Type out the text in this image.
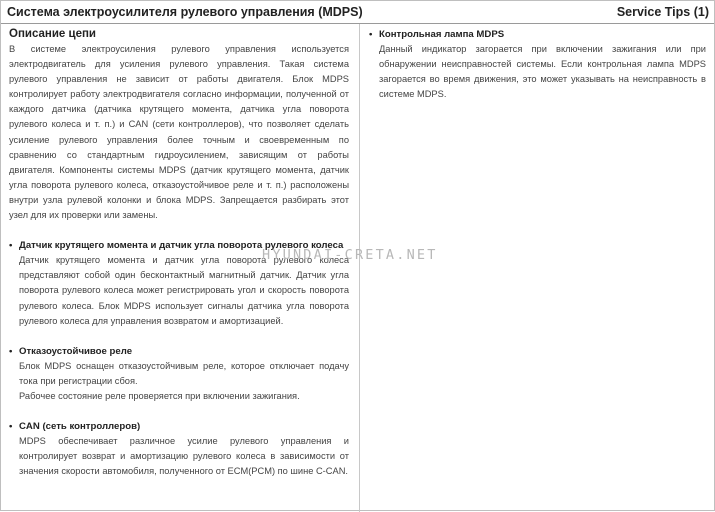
Система электроусилителя рулевого управления (MDPS)	Service Tips (1)

Описание цепи

В системе электроусиления рулевого управления используется электродвигатель для усиления рулевого управления. Такая система рулевого управления не зависит от работы двигателя. Блок MDPS контролирует работу электродвигателя согласно информации, полученной от каждого датчика (датчика крутящего момента, датчика угла поворота рулевого колеса и т. п.) и CAN (сети контроллеров), что позволяет сделать усиление рулевого управления более точным и своевременным по сравнению со стандартным гидроусилением, зависящим от работы двигателя. Компоненты системы MDPS (датчик крутящего момента, датчик угла поворота рулевого колеса, отказоустойчивое реле и т. п.) расположены внутри узла рулевой колонки и блока MDPS. Запрещается разбирать этот узел для их проверки или замены.

• Датчик крутящего момента и датчик угла поворота рулевого колеса

Датчик крутящего момента и датчик угла поворота рулевого колеса представляют собой один бесконтактный магнитный датчик. Датчик угла поворота рулевого колеса может регистрировать угол и скорость поворота рулевого колеса. Блок MDPS использует сигналы датчика угла поворота рулевого колеса для управления возвратом и амортизацией.

• Отказоустойчивое реле

Блок MDPS оснащен отказоустойчивым реле, которое отключает подачу тока при регистрации сбоя.

Рабочее состояние реле проверяется при включении зажигания.

• CAN (сеть контроллеров)

MDPS обеспечивает различное усилие рулевого управления и контролирует возврат и амортизацию рулевого колеса в зависимости от значения скорости автомобиля, полученного от ECM(PCM) по шине C-CAN.

• Контрольная лампа MDPS

Данный индикатор загорается при включении зажигания или при обнаружении неисправностей системы. Если контрольная лампа MDPS загорается во время движения, это может указывать на неисправность в системе MDPS.

HYUNDAI-CRETA.NET
